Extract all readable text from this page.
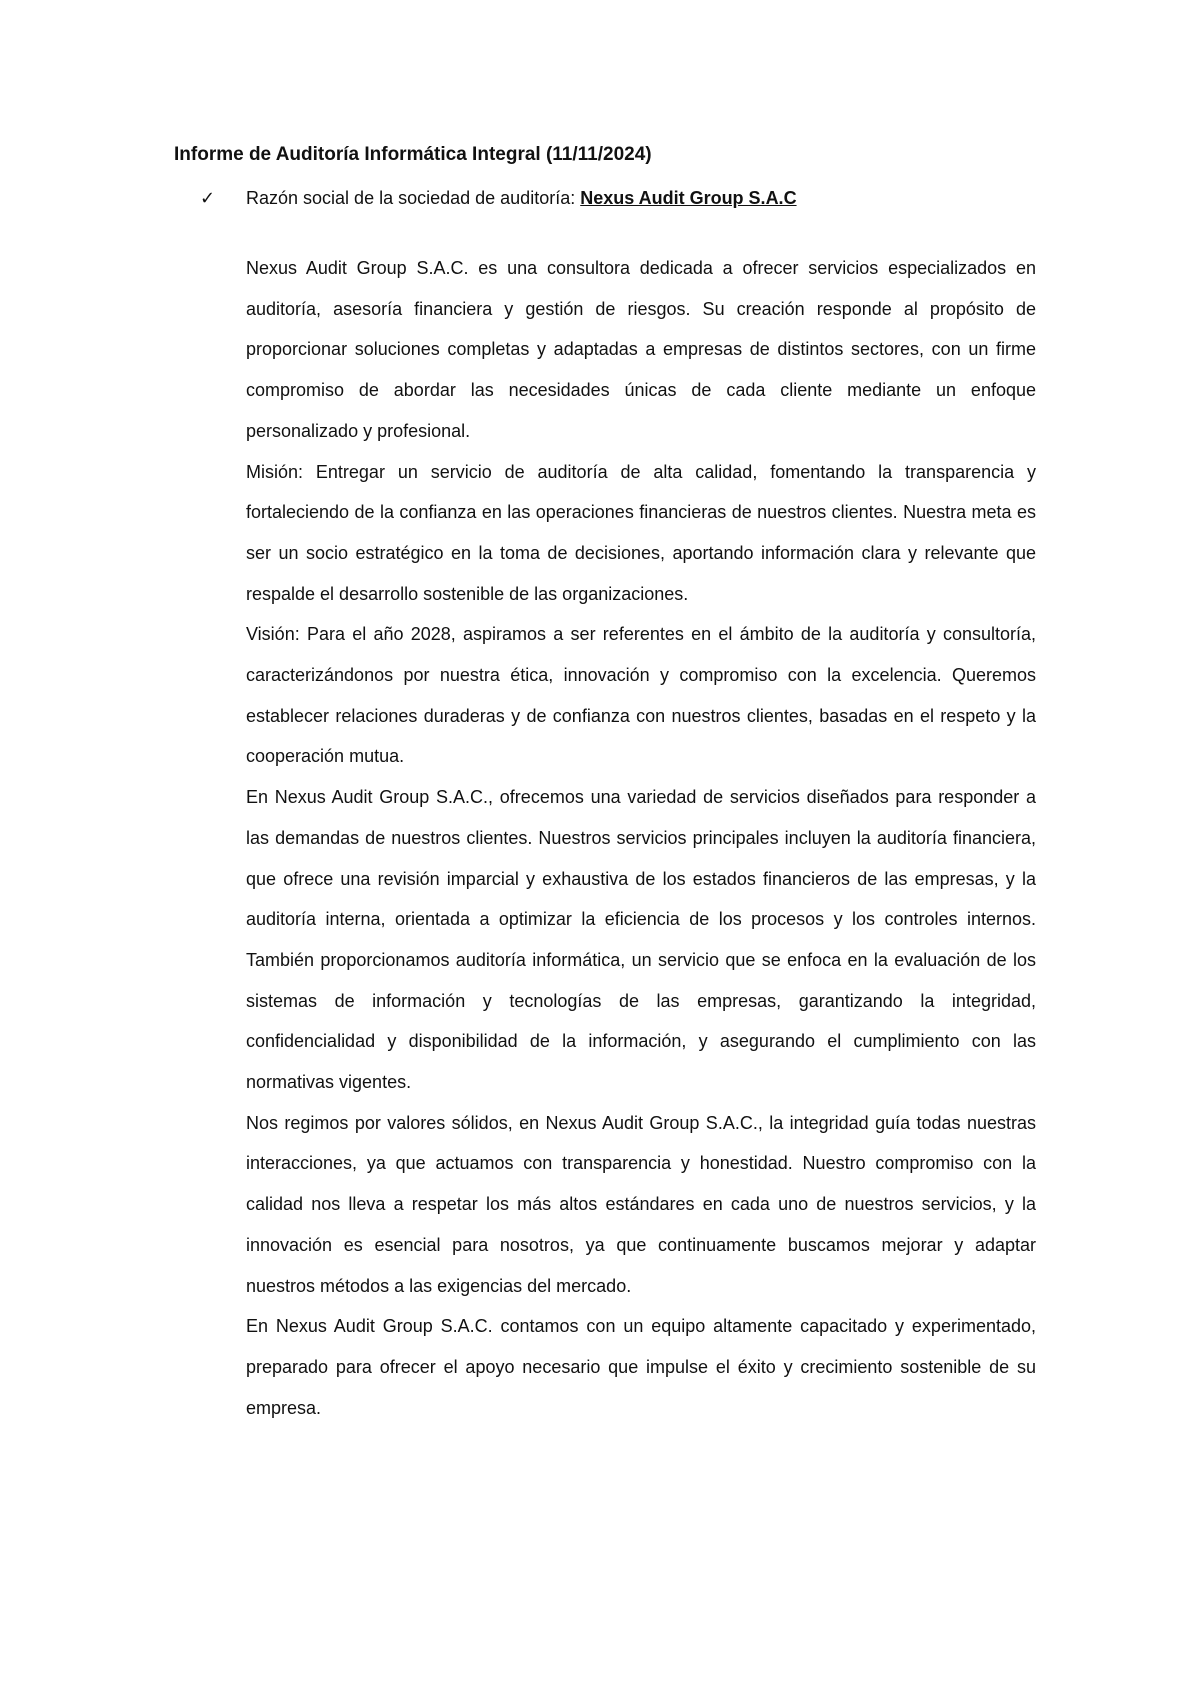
Informe de Auditoría Informática Integral (11/11/2024)
✓ Razón social de la sociedad de auditoría: Nexus Audit Group S.A.C

Nexus Audit Group S.A.C. es una consultora dedicada a ofrecer servicios especializados en auditoría, asesoría financiera y gestión de riesgos. Su creación responde al propósito de proporcionar soluciones completas y adaptadas a empresas de distintos sectores, con un firme compromiso de abordar las necesidades únicas de cada cliente mediante un enfoque personalizado y profesional.

Misión: Entregar un servicio de auditoría de alta calidad, fomentando la transparencia y fortaleciendo de la confianza en las operaciones financieras de nuestros clientes. Nuestra meta es ser un socio estratégico en la toma de decisiones, aportando información clara y relevante que respalde el desarrollo sostenible de las organizaciones.

Visión: Para el año 2028, aspiramos a ser referentes en el ámbito de la auditoría y consultoría, caracterizándonos por nuestra ética, innovación y compromiso con la excelencia. Queremos establecer relaciones duraderas y de confianza con nuestros clientes, basadas en el respeto y la cooperación mutua.

En Nexus Audit Group S.A.C., ofrecemos una variedad de servicios diseñados para responder a las demandas de nuestros clientes. Nuestros servicios principales incluyen la auditoría financiera, que ofrece una revisión imparcial y exhaustiva de los estados financieros de las empresas, y la auditoría interna, orientada a optimizar la eficiencia de los procesos y los controles internos. También proporcionamos auditoría informática, un servicio que se enfoca en la evaluación de los sistemas de información y tecnologías de las empresas, garantizando la integridad, confidencialidad y disponibilidad de la información, y asegurando el cumplimiento con las normativas vigentes.

Nos regimos por valores sólidos, en Nexus Audit Group S.A.C., la integridad guía todas nuestras interacciones, ya que actuamos con transparencia y honestidad. Nuestro compromiso con la calidad nos lleva a respetar los más altos estándares en cada uno de nuestros servicios, y la innovación es esencial para nosotros, ya que continuamente buscamos mejorar y adaptar nuestros métodos a las exigencias del mercado.

En Nexus Audit Group S.A.C. contamos con un equipo altamente capacitado y experimentado, preparado para ofrecer el apoyo necesario que impulse el éxito y crecimiento sostenible de su empresa.
